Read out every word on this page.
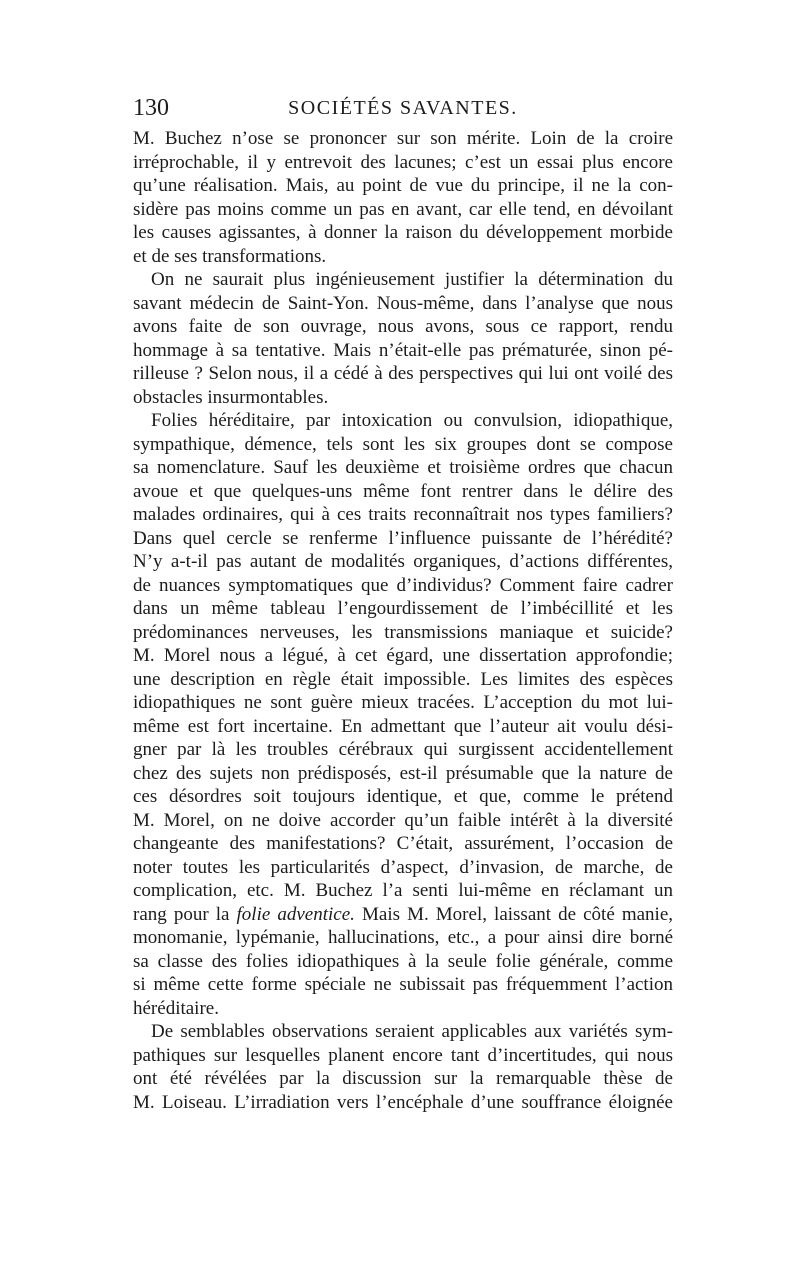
130	SOCIÉTÉS SAVANTES.
M. Buchez n’ose se prononcer sur son mérite. Loin de la croire
irréprochable, il y entrevoit des lacunes; c’est un essai plus encore
qu’une réalisation. Mais, au point de vue du principe, il ne la con-
sidère pas moins comme un pas en avant, car elle tend, en dévoilant
les causes agissantes, à donner la raison du développement morbide
et de ses transformations.
On ne saurait plus ingénieusement justifier la détermination du
savant médecin de Saint-Yon. Nous-même, dans l’analyse que nous
avons faite de son ouvrage, nous avons, sous ce rapport, rendu
hommage à sa tentative. Mais n’était-elle pas prématurée, sinon pé-
rilleuse ? Selon nous, il a cédé à des perspectives qui lui ont voilé des
obstacles insurmontables.
Folies héréditaire, par intoxication ou convulsion, idiopathique,
sympathique, démence, tels sont les six groupes dont se compose
sa nomenclature. Sauf les deuxième et troisième ordres que chacun
avoue et que quelques-uns même font rentrer dans le délire des
malades ordinaires, qui à ces traits reconnaîtrait nos types familiers?
Dans quel cercle se renferme l’influence puissante de l’hérédité?
N’y a-t-il pas autant de modalités organiques, d’actions différentes,
de nuances symptomatiques que d’individus? Comment faire cadrer
dans un même tableau l’engourdissement de l’imbécillité et les
prédominances nerveuses, les transmissions maniaque et suicide?
M. Morel nous a légué, à cet égard, une dissertation approfondie;
une description en règle était impossible. Les limites des espèces
idiopathiques ne sont guère mieux tracées. L’acception du mot lui-
même est fort incertaine. En admettant que l’auteur ait voulu dési-
gner par là les troubles cérébraux qui surgissent accidentellement
chez des sujets non prédisposés, est-il présumable que la nature de
ces désordres soit toujours identique, et que, comme le prétend
M. Morel, on ne doive accorder qu’un faible intérêt à la diversité
changeante des manifestations? C’était, assurément, l’occasion de
noter toutes les particularités d’aspect, d’invasion, de marche, de
complication, etc. M. Buchez l’a senti lui-même en réclamant un
rang pour la folie adventice. Mais M. Morel, laissant de côté manie,
monomanie, lypémanie, hallucinations, etc., a pour ainsi dire borné
sa classe des folies idiopathiques à la seule folie générale, comme
si même cette forme spéciale ne subissait pas fréquemment l’action
héréditaire.
De semblables observations seraient applicables aux variétés sym-
pathiques sur lesquelles planent encore tant d’incertitudes, qui nous
ont été révélées par la discussion sur la remarquable thèse de
M. Loiseau. L’irradiation vers l’encéphale d’une souffrance éloignée
